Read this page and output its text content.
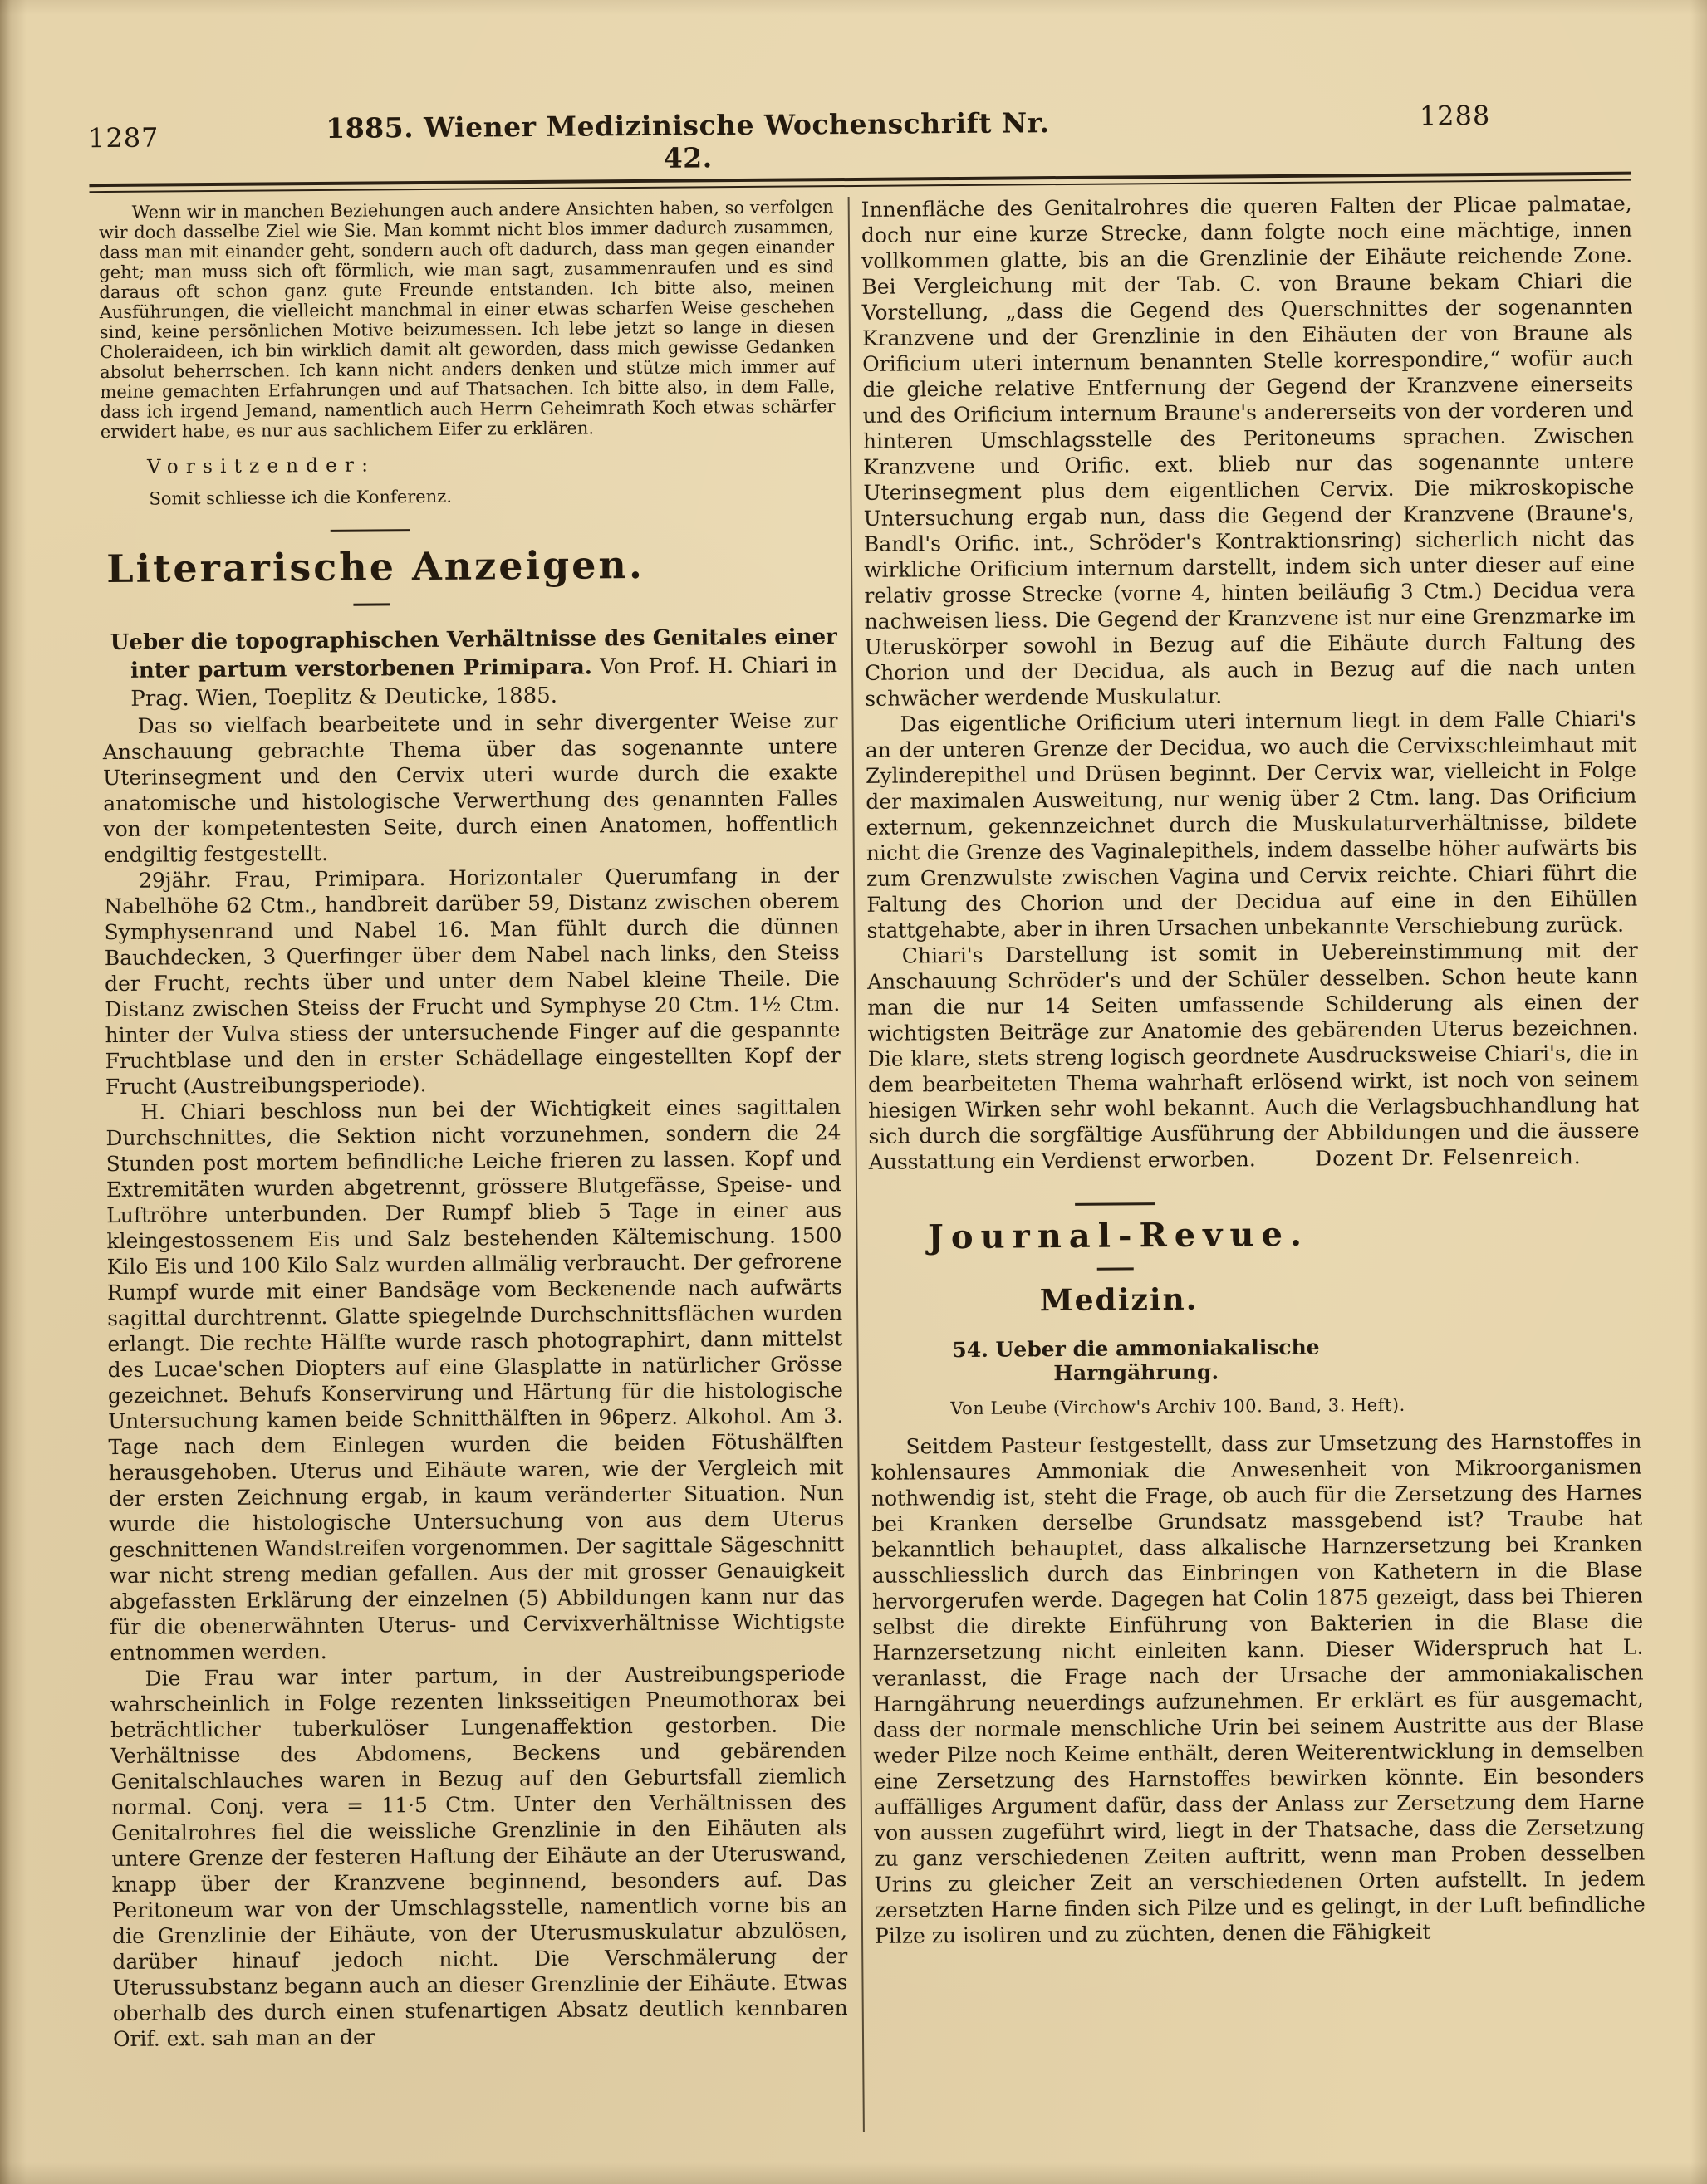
1287	1885. Wiener Medizinische Wochenschrift Nr. 42.
1288

Wenn wir in manchen Beziehungen auch andere Ansichten haben, so verfolgen wir doch dasselbe Ziel wie Sie. Man kommt nicht blos immer dadurch zusammen, dass man mit einander geht, sondern auch oft dadurch, dass man gegen einander geht; man muss sich oft förmlich, wie man sagt, zusammenraufen und es sind daraus oft schon ganz gute Freunde entstanden. Ich bitte also, meinen Ausführungen, die vielleicht manchmal in einer etwas scharfen Weise geschehen sind, keine persönlichen Motive beizumessen. Ich lebe jetzt so lange in diesen Choleraideen, ich bin wirklich damit alt geworden, dass mich gewisse Gedanken absolut beherrschen. Ich kann nicht anders denken und stütze mich immer auf meine gemachten Erfahrungen und auf Thatsachen. Ich bitte also, in dem Falle, dass ich irgend Jemand, namentlich auch Herrn Geheimrath Koch etwas schärfer erwidert habe, es nur aus sachlichem Eifer zu erklären.

Vorsitzender:

Somit schliesse ich die Konferenz.

Literarische Anzeigen.

Ueber die topographischen Verhältnisse des Genitales einer inter partum verstorbenen Primipara. Von Prof. H. Chiari in Prag. Wien, Toeplitz & Deuticke, 1885.

Das so vielfach bearbeitete und in sehr divergenter Weise zur Anschauung gebrachte Thema über das sogenannte untere Uterinsegment und den Cervix uteri wurde durch die exakte anatomische und histologische Verwerthung des genannten Falles von der kompetentesten Seite, durch einen Anatomen, hoffentlich endgiltig festgestellt.

29jähr. Frau, Primipara. Horizontaler Querumfang in der Nabelhöhe 62 Ctm., handbreit darüber 59, Distanz zwischen oberem Symphysenrand und Nabel 16. Man fühlt durch die dünnen Bauchdecken, 3 Querfinger über dem Nabel nach links, den Steiss der Frucht, rechts über und unter dem Nabel kleine Theile. Die Distanz zwischen Steiss der Frucht und Symphyse 20 Ctm. 1½ Ctm. hinter der Vulva stiess der untersuchende Finger auf die gespannte Fruchtblase und den in erster Schädellage eingestellten Kopf der Frucht (Austreibungsperiode).

H. Chiari beschloss nun bei der Wichtigkeit eines sagittalen Durchschnittes, die Sektion nicht vorzunehmen, sondern die 24 Stunden post mortem befindliche Leiche frieren zu lassen. Kopf und Extremitäten wurden abgetrennt, grössere Blutgefässe, Speise- und Luftröhre unterbunden. Der Rumpf blieb 5 Tage in einer aus kleingestossenem Eis und Salz bestehenden Kältemischung. 1500 Kilo Eis und 100 Kilo Salz wurden allmälig verbraucht. Der gefrorene Rumpf wurde mit einer Bandsäge vom Beckenende nach aufwärts sagittal durchtrennt. Glatte spiegelnde Durchschnittsflächen wurden erlangt. Die rechte Hälfte wurde rasch photographirt, dann mittelst des Lucae'schen Diopters auf eine Glasplatte in natürlicher Grösse gezeichnet. Behufs Konservirung und Härtung für die histologische Untersuchung kamen beide Schnitthälften in 96perz. Alkohol. Am 3. Tage nach dem Einlegen wurden die beiden Fötushälften herausgehoben. Uterus und Eihäute waren, wie der Vergleich mit der ersten Zeichnung ergab, in kaum veränderter Situation. Nun wurde die histologische Untersuchung von aus dem Uterus geschnittenen Wandstreifen vorgenommen. Der sagittale Sägeschnitt war nicht streng median gefallen. Aus der mit grosser Genauigkeit abgefassten Erklärung der einzelnen (5) Abbildungen kann nur das für die obenerwähnten Uterus- und Cervixverhältnisse Wichtigste entnommen werden.

Die Frau war inter partum, in der Austreibungsperiode wahrscheinlich in Folge rezenten linksseitigen Pneumothorax bei beträchtlicher tuberkulöser Lungenaffektion gestorben. Die Verhältnisse des Abdomens, Beckens und gebärenden Genitalschlauches waren in Bezug auf den Geburtsfall ziemlich normal. Conj. vera = 11·5 Ctm. Unter den Verhältnissen des Genitalrohres fiel die weissliche Grenzlinie in den Eihäuten als untere Grenze der festeren Haftung der Eihäute an der Uteruswand, knapp über der Kranzvene beginnend, besonders auf. Das Peritoneum war von der Umschlagsstelle, namentlich vorne bis an die Grenzlinie der Eihäute, von der Uterusmuskulatur abzulösen, darüber hinauf jedoch nicht. Die Verschmälerung der Uterussubstanz begann auch an dieser Grenzlinie der Eihäute. Etwas oberhalb des durch einen stufenartigen Absatz deutlich kennbaren Orif. ext. sah man an der

Innenfläche des Genitalrohres die queren Falten der Plicae palmatae, doch nur eine kurze Strecke, dann folgte noch eine mächtige, innen vollkommen glatte, bis an die Grenzlinie der Eihäute reichende Zone. Bei Vergleichung mit der Tab. C. von Braune bekam Chiari die Vorstellung, „dass die Gegend des Querschnittes der sogenannten Kranzvene und der Grenzlinie in den Eihäuten der von Braune als Orificium uteri internum benannten Stelle korrespondire,“ wofür auch die gleiche relative Entfernung der Gegend der Kranzvene einerseits und des Orificium internum Braune's andererseits von der vorderen und hinteren Umschlagsstelle des Peritoneums sprachen. Zwischen Kranzvene und Orific. ext. blieb nur das sogenannte untere Uterinsegment plus dem eigentlichen Cervix. Die mikroskopische Untersuchung ergab nun, dass die Gegend der Kranzvene (Braune's, Bandl's Orific. int., Schröder's Kontraktionsring) sicherlich nicht das wirkliche Orificium internum darstellt, indem sich unter dieser auf eine relativ grosse Strecke (vorne 4, hinten beiläufig 3 Ctm.) Decidua vera nachweisen liess. Die Gegend der Kranzvene ist nur eine Grenzmarke im Uteruskörper sowohl in Bezug auf die Eihäute durch Faltung des Chorion und der Decidua, als auch in Bezug auf die nach unten schwächer werdende Muskulatur.

Das eigentliche Orificium uteri internum liegt in dem Falle Chiari's an der unteren Grenze der Decidua, wo auch die Cervixschleimhaut mit Zylinderepithel und Drüsen beginnt. Der Cervix war, vielleicht in Folge der maximalen Ausweitung, nur wenig über 2 Ctm. lang. Das Orificium externum, gekennzeichnet durch die Muskulaturverhältnisse, bildete nicht die Grenze des Vaginalepithels, indem dasselbe höher aufwärts bis zum Grenzwulste zwischen Vagina und Cervix reichte. Chiari führt die Faltung des Chorion und der Decidua auf eine in den Eihüllen stattgehabte, aber in ihren Ursachen unbekannte Verschiebung zurück.

Chiari's Darstellung ist somit in Uebereinstimmung mit der Anschauung Schröder's und der Schüler desselben. Schon heute kann man die nur 14 Seiten umfassende Schilderung als einen der wichtigsten Beiträge zur Anatomie des gebärenden Uterus bezeichnen. Die klare, stets streng logisch geordnete Ausdrucksweise Chiari's, die in dem bearbeiteten Thema wahrhaft erlösend wirkt, ist noch von seinem hiesigen Wirken sehr wohl bekannt. Auch die Verlagsbuchhandlung hat sich durch die sorgfältige Ausführung der Abbildungen und die äussere Ausstattung ein Verdienst erworben.	Dozent Dr. Felsenreich.

Journal-Revue.
Medizin.

54. Ueber die ammoniakalische Harngährung.

Von Leube (Virchow's Archiv 100. Band, 3. Heft).

Seitdem Pasteur festgestellt, dass zur Umsetzung des Harnstoffes in kohlensaures Ammoniak die Anwesenheit von Mikroorganismen nothwendig ist, steht die Frage, ob auch für die Zersetzung des Harnes bei Kranken derselbe Grundsatz massgebend ist? Traube hat bekanntlich behauptet, dass alkalische Harnzersetzung bei Kranken ausschliesslich durch das Einbringen von Kathetern in die Blase hervorgerufen werde. Dagegen hat Colin 1875 gezeigt, dass bei Thieren selbst die direkte Einführung von Bakterien in die Blase die Harnzersetzung nicht einleiten kann. Dieser Widerspruch hat L. veranlasst, die Frage nach der Ursache der ammoniakalischen Harngährung neuerdings aufzunehmen. Er erklärt es für ausgemacht, dass der normale menschliche Urin bei seinem Austritte aus der Blase weder Pilze noch Keime enthält, deren Weiterentwicklung in demselben eine Zersetzung des Harnstoffes bewirken könnte. Ein besonders auffälliges Argument dafür, dass der Anlass zur Zersetzung dem Harne von aussen zugeführt wird, liegt in der Thatsache, dass die Zersetzung zu ganz verschiedenen Zeiten auftritt, wenn man Proben desselben Urins zu gleicher Zeit an verschiedenen Orten aufstellt. In jedem zersetzten Harne finden sich Pilze und es gelingt, in der Luft befindliche Pilze zu isoliren und zu züchten, denen die Fähigkeit
